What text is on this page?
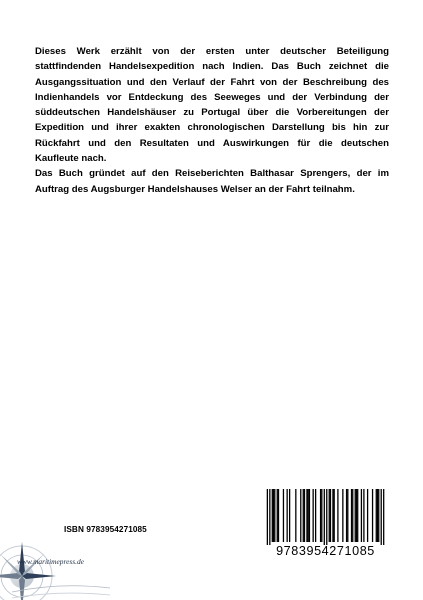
Dieses Werk erzählt von der ersten unter deutscher Beteiligung stattfindenden Handelsexpedition nach Indien. Das Buch zeichnet die Ausgangssituation und den Verlauf der Fahrt von der Beschreibung des Indienhandels vor Entdeckung des Seeweges und der Verbindung der süddeutschen Handelshäuser zu Portugal über die Vorbereitungen der Expedition und ihrer exakten chronologischen Darstellung bis hin zur Rückfahrt und den Resultaten und Auswirkungen für die deutschen Kaufleute nach.

Das Buch gründet auf den Reiseberichten Balthasar Sprengers, der im Auftrag des Augsburger Handelshauses Welser an der Fahrt teilnahm.

ISBN 9783954271085
9783954271085
www.maritimepress.de
